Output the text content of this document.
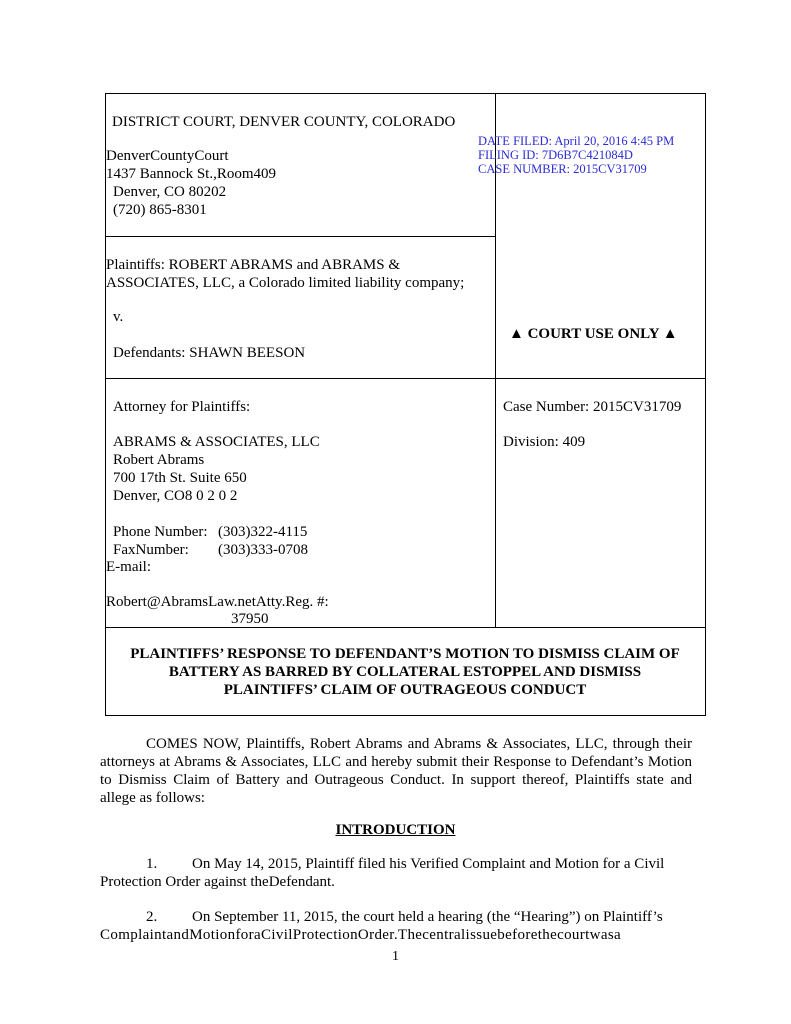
DISTRICT COURT, DENVER COUNTY, COLORADO
DenverCountyCourt
1437 Bannock St.,Room409
Denver, CO 80202
(720) 865-8301
DATE FILED: April 20, 2016 4:45 PM
FILING ID: 7D6B7C421084D
CASE NUMBER: 2015CV31709
Plaintiffs: ROBERT ABRAMS and ABRAMS &
ASSOCIATES, LLC, a Colorado limited liability company;
v.
Defendants: SHAWN BEESON
▲ COURT USE ONLY ▲
Attorney for Plaintiffs:
ABRAMS & ASSOCIATES, LLC
Robert Abrams
700 17th St. Suite 650
Denver, CO8 0 2 0 2
Phone Number: (303)322-4115
FaxNumber: (303)333-0708
E-mail:
Robert@AbramsLaw.netAtty.Reg. #:
37950
Case Number: 2015CV31709
Division: 409
PLAINTIFFS’ RESPONSE TO DEFENDANT’S MOTION TO DISMISS CLAIM OF
BATTERY AS BARRED BY COLLATERAL ESTOPPEL AND DISMISS
PLAINTIFFS’ CLAIM OF OUTRAGEOUS CONDUCT
COMES NOW, Plaintiffs, Robert Abrams and Abrams & Associates, LLC, through their attorneys at Abrams & Associates, LLC and hereby submit their Response to Defendant’s Motion to Dismiss Claim of Battery and Outrageous Conduct. In support thereof, Plaintiffs state and allege as follows:
INTRODUCTION
1. On May 14, 2015, Plaintiff filed his Verified Complaint and Motion for a Civil
Protection Order against theDefendant.
2. On September 11, 2015, the court held a hearing (the “Hearing”) on Plaintiff’s
ComplaintandMotionforaCivilProtectionOrder.Thecentralissuebeforethecourtwasa
1
